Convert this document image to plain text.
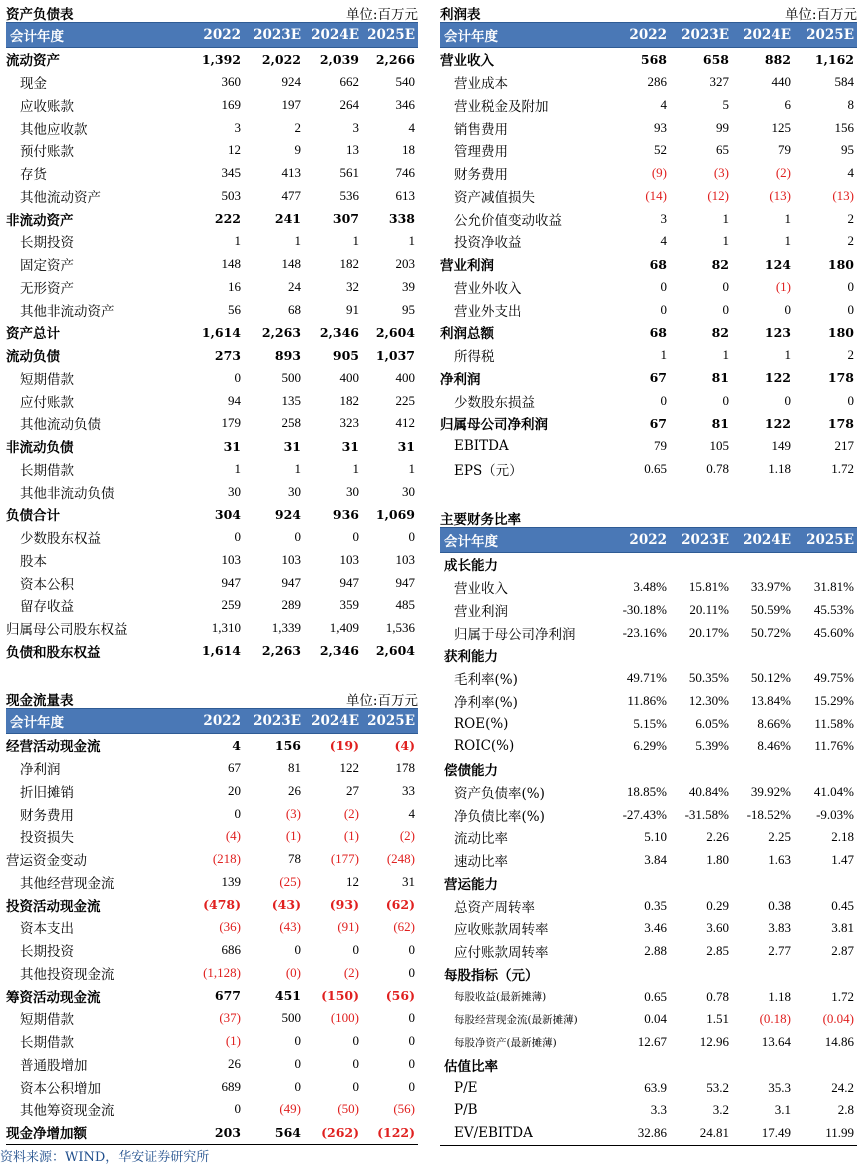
资产负债表	单位:百万元
会计年度	2022	2023E	2024E	2025E
流动资产	1,392	2,022	2,039	2,266
现金	360	924	662	540
应收账款	169	197	264	346
其他应收款	3	2	3	4
预付账款	12	9	13	18
存货	345	413	561	746
其他流动资产	503	477	536	613
非流动资产	222	241	307	338
长期投资	1	1	1	1
固定资产	148	148	182	203
无形资产	16	24	32	39
其他非流动资产	56	68	91	95
资产总计	1,614	2,263	2,346	2,604
流动负债	273	893	905	1,037
短期借款	0	500	400	400
应付账款	94	135	182	225
其他流动负债	179	258	323	412
非流动负债	31	31	31	31
长期借款	1	1	1	1
其他非流动负债	30	30	30	30
负债合计	304	924	936	1,069
少数股东权益	0	0	0	0
股本	103	103	103	103
资本公积	947	947	947	947
留存收益	259	289	359	485
归属母公司股东权益	1,310	1,339	1,409	1,536
负债和股东权益	1,614	2,263	2,346	2,604
利润表	单位:百万元
会计年度	2022	2023E	2024E	2025E
营业收入	568	658	882	1,162
营业成本	286	327	440	584
营业税金及附加	4	5	6	8
销售费用	93	99	125	156
管理费用	52	65	79	95
财务费用	(9)	(3)	(2)	4
资产减值损失	(14)	(12)	(13)	(13)
公允价值变动收益	3	1	1	2
投资净收益	4	1	1	2
营业利润	68	82	124	180
营业外收入	0	0	(1)	0
营业外支出	0	0	0	0
利润总额	68	82	123	180
所得税	1	1	1	2
净利润	67	81	122	178
少数股东损益	0	0	0	0
归属母公司净利润	67	81	122	178
EBITDA	79	105	149	217
EPS（元）	0.65	0.78	1.18	1.72
现金流量表	单位:百万元
会计年度	2022	2023E	2024E	2025E
经营活动现金流	4	156	(19)	(4)
净利润	67	81	122	178
折旧摊销	20	26	27	33
财务费用	0	(3)	(2)	4
投资损失	(4)	(1)	(1)	(2)
营运资金变动	(218)	78	(177)	(248)
其他经营现金流	139	(25)	12	31
投资活动现金流	(478)	(43)	(93)	(62)
资本支出	(36)	(43)	(91)	(62)
长期投资	686	0	0	0
其他投资现金流	(1,128)	(0)	(2)	0
筹资活动现金流	677	451	(150)	(56)
短期借款	(37)	500	(100)	0
长期借款	(1)	0	0	0
普通股增加	26	0	0	0
资本公积增加	689	0	0	0
其他筹资现金流	0	(49)	(50)	(56)
现金净增加额	203	564	(262)	(122)
主要财务比率
会计年度	2022	2023E	2024E	2025E
成长能力				
营业收入	3.48%	15.81%	33.97%	31.81%
营业利润	-30.18%	20.11%	50.59%	45.53%
归属于母公司净利润	-23.16%	20.17%	50.72%	45.60%
获利能力				
毛利率(%)	49.71%	50.35%	50.12%	49.75%
净利率(%)	11.86%	12.30%	13.84%	15.29%
ROE(%)	5.15%	6.05%	8.66%	11.58%
ROIC(%)	6.29%	5.39%	8.46%	11.76%
偿债能力				
资产负债率(%)	18.85%	40.84%	39.92%	41.04%
净负债比率(%)	-27.43%	-31.58%	-18.52%	-9.03%
流动比率	5.10	2.26	2.25	2.18
速动比率	3.84	1.80	1.63	1.47
营运能力				
总资产周转率	0.35	0.29	0.38	0.45
应收账款周转率	3.46	3.60	3.83	3.81
应付账款周转率	2.88	2.85	2.77	2.87
每股指标（元）				
每股收益(最新摊薄)	0.65	0.78	1.18	1.72
每股经营现金流(最新摊薄)	0.04	1.51	(0.18)	(0.04)
每股净资产(最新摊薄)	12.67	12.96	13.64	14.86
估值比率				
P/E	63.9	53.2	35.3	24.2
P/B	3.3	3.2	3.1	2.8
EV/EBITDA	32.86	24.81	17.49	11.99
资料来源：WIND，华安证券研究所
